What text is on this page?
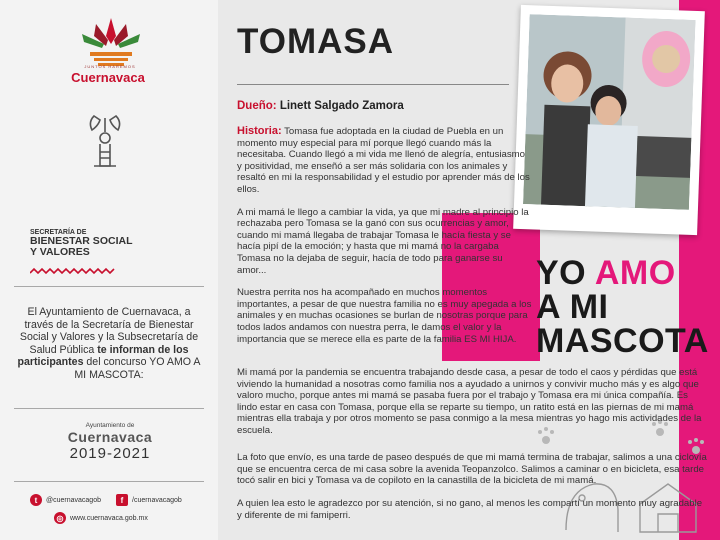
JUNTOS HAREMOS
Cuernavaca
SECRETARÍA DE
BIENESTAR SOCIAL
Y VALORES
El Ayuntamiento de Cuernavaca, a través de la Secretaría de Bienestar Social y Valores y la Subsecretaría de Salud Pública te informan de los participantes del concurso YO AMO A MI MASCOTA:
Ayuntamiento de
Cuernavaca
2019-2021
t	@cuernavacagob	f	/cuernavacagob
◎ www.cuernavaca.gob.mx
TOMASA
Dueño: Linett Salgado Zamora

Historia: Tomasa fue adoptada en la ciudad de Puebla en un momento muy especial para mí porque llegó cuando más la necesitaba. Cuando llegó a mi vida me llenó de alegría, entusiasmo y positividad, me enseñó a ser más solidaria con los animales y resaltó en mi la responsabilidad y el estudio por aprender más de los ellos.

A mi mamá le llego a cambiar la vida, ya que mi madre al principio la rechazaba pero Tomasa se la ganó con sus ocurrencias y amor, cuando mi mamá llegaba de trabajar Tomasa le hacía fiesta y se hacía pipí de la emoción; y hasta que mi mamá no la cargaba Tomasa no la dejaba de seguir, hacía de todo para ganarse su amor...

Nuestra perrita nos ha acompañado en muchos momentos importantes, a pesar de que nuestra familia no es muy apegada a los animales y en muchas ocasiones se burlan de nosotras porque para todos lados andamos con nuestra perra, le damos el valor y la importancia que se merece ella es parte de la familia ES MI HIJA.

YO AMO
A MI
MASCOTA
Mi mamá por la pandemia se encuentra trabajando desde casa, a pesar de todo el caos y pérdidas que está viviendo la humanidad a nosotras como familia nos a ayudado a unirnos y convivir mucho más y es algo que valoro mucho, porque antes mi mamá se pasaba fuera por el trabajo y Tomasa era mi única compañía. Es lindo estar en casa con Tomasa, porque ella se reparte su tiempo, un ratito está en las piernas de mi mamá mientras ella trabaja y por otros momento se pasa conmigo a la mesa mientras yo hago mis actividades de la escuela.
La foto que envío, es una tarde de paseo después de que mi mamá termina de trabajar, salimos a una ciclovía que se encuentra cerca de mi casa sobre la avenida Teopanzolco. Salimos a caminar o en bicicleta, esa tarde tocó salir en bici y Tomasa va de copiloto en la canastilla de la bicicleta de mi mamá.
A quien lea esto le agradezco por su atención, si no gano, al menos les compartí un momento muy agradable y diferente de mi famiperri.
